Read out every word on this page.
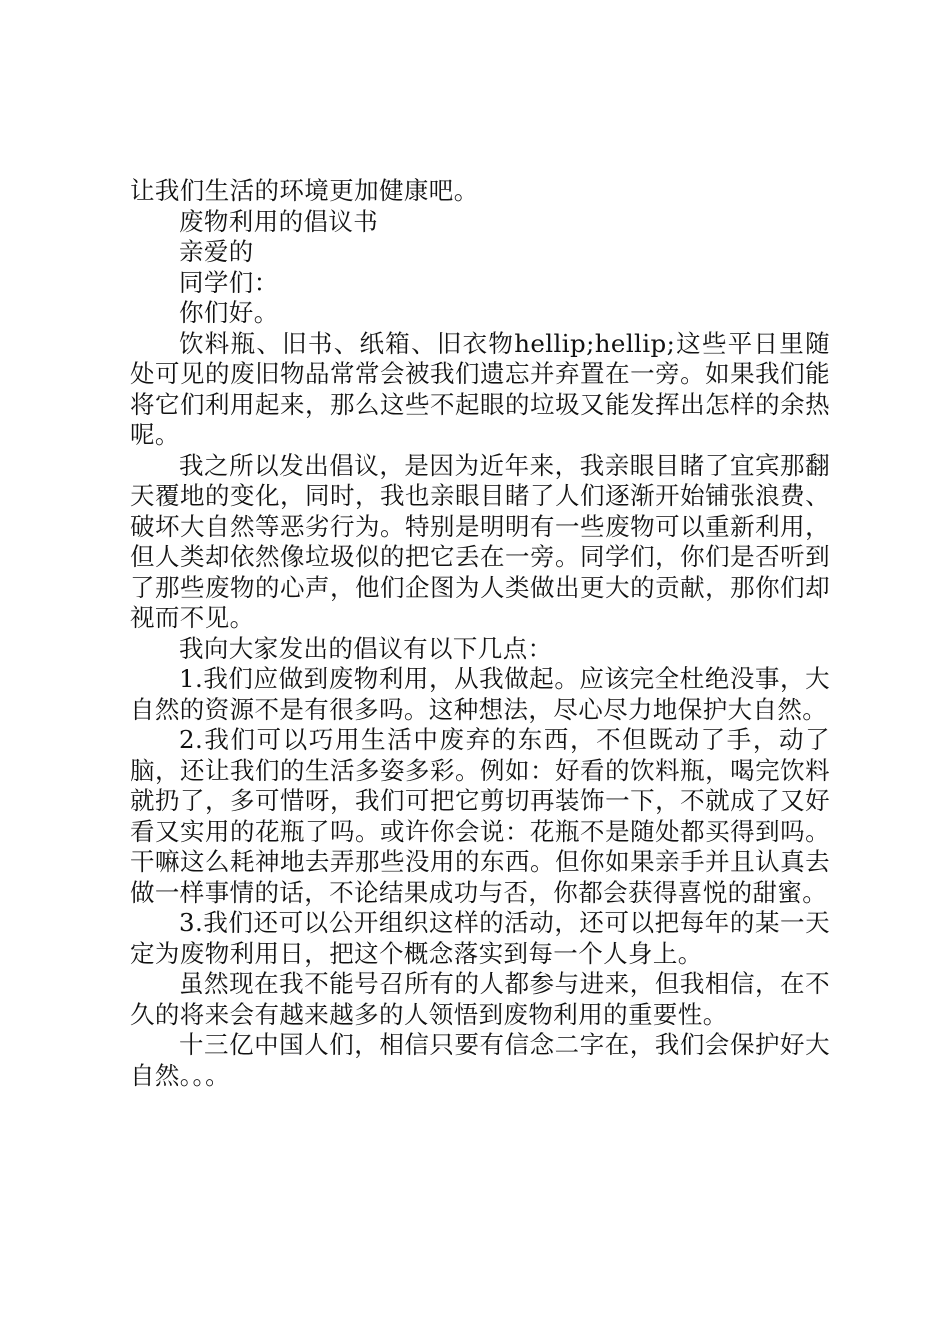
让我们生活的环境更加健康吧。

废物利用的倡议书

亲爱的

同学们：

你们好。

饮料瓶、旧书、纸箱、旧衣物hellip;hellip;这些平日里随处可见的废旧物品常常会被我们遗忘并弃置在一旁。如果我们能将它们利用起来，那么这些不起眼的垃圾又能发挥出怎样的余热呢。

我之所以发出倡议，是因为近年来，我亲眼目睹了宜宾那翻天覆地的变化，同时，我也亲眼目睹了人们逐渐开始铺张浪费、破坏大自然等恶劣行为。特别是明明有一些废物可以重新利用，但人类却依然像垃圾似的把它丢在一旁。同学们，你们是否听到了那些废物的心声，他们企图为人类做出更大的贡献，那你们却视而不见。

我向大家发出的倡议有以下几点：

1.我们应做到废物利用，从我做起。应该完全杜绝没事，大自然的资源不是有很多吗。这种想法，尽心尽力地保护大自然。

2.我们可以巧用生活中废弃的东西，不但既动了手，动了脑，还让我们的生活多姿多彩。例如：好看的饮料瓶，喝完饮料就扔了，多可惜呀，我们可把它剪切再装饰一下，不就成了又好看又实用的花瓶了吗。或许你会说：花瓶不是随处都买得到吗。干嘛这么耗神地去弄那些没用的东西。但你如果亲手并且认真去做一样事情的话，不论结果成功与否，你都会获得喜悦的甜蜜。

3.我们还可以公开组织这样的活动，还可以把每年的某一天定为废物利用日，把这个概念落实到每一个人身上。

虽然现在我不能号召所有的人都参与进来，但我相信，在不久的将来会有越来越多的人领悟到废物利用的重要性。

十三亿中国人们，相信只要有信念二字在，我们会保护好大自然。。。
